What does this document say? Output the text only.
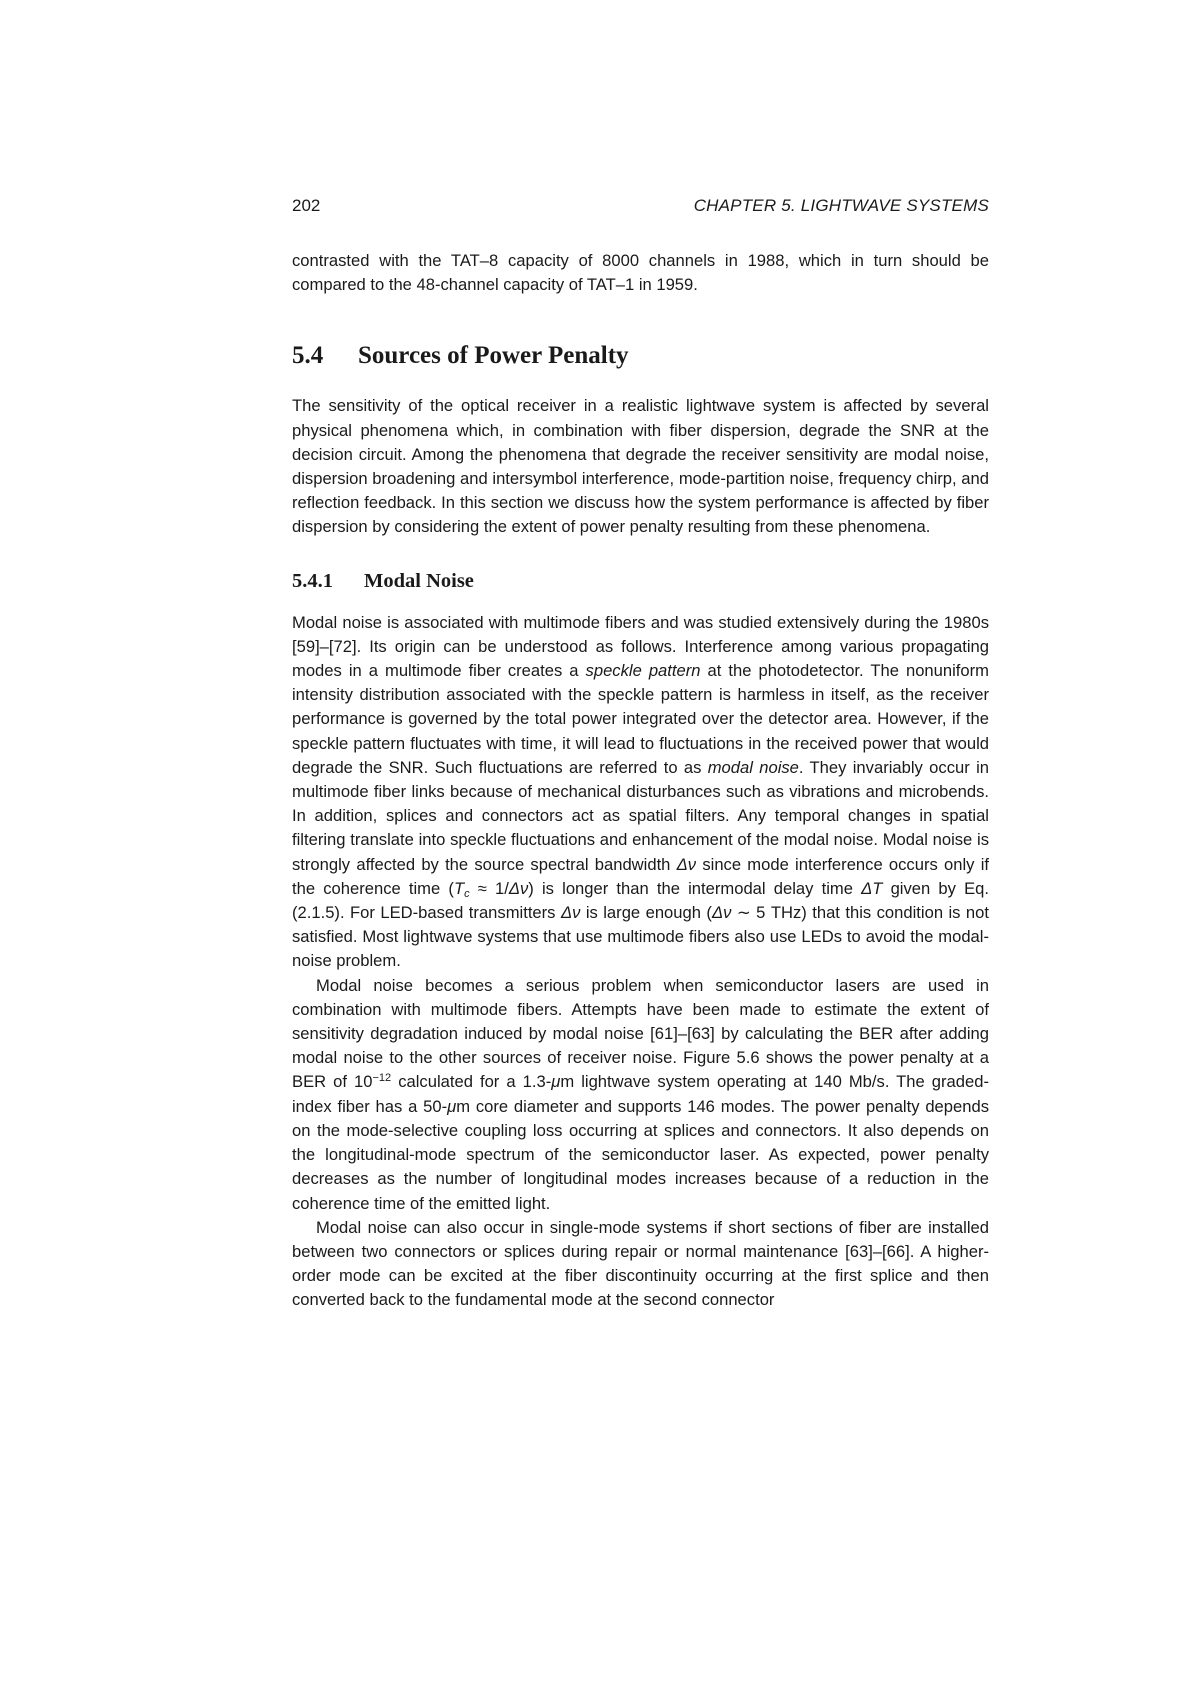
202	CHAPTER 5. LIGHTWAVE SYSTEMS

contrasted with the TAT–8 capacity of 8000 channels in 1988, which in turn should be compared to the 48-channel capacity of TAT–1 in 1959.

5.4	Sources of Power Penalty

The sensitivity of the optical receiver in a realistic lightwave system is affected by several physical phenomena which, in combination with fiber dispersion, degrade the SNR at the decision circuit. Among the phenomena that degrade the receiver sensitivity are modal noise, dispersion broadening and intersymbol interference, mode-partition noise, frequency chirp, and reflection feedback. In this section we discuss how the system performance is affected by fiber dispersion by considering the extent of power penalty resulting from these phenomena.

5.4.1	Modal Noise

Modal noise is associated with multimode fibers and was studied extensively during the 1980s [59]–[72]. Its origin can be understood as follows. Interference among various propagating modes in a multimode fiber creates a speckle pattern at the photodetector. The nonuniform intensity distribution associated with the speckle pattern is harmless in itself, as the receiver performance is governed by the total power integrated over the detector area. However, if the speckle pattern fluctuates with time, it will lead to fluctuations in the received power that would degrade the SNR. Such fluctuations are referred to as modal noise. They invariably occur in multimode fiber links because of mechanical disturbances such as vibrations and microbends. In addition, splices and connectors act as spatial filters. Any temporal changes in spatial filtering translate into speckle fluctuations and enhancement of the modal noise. Modal noise is strongly affected by the source spectral bandwidth Δν since mode interference occurs only if the coherence time $(T_c \approx 1/\Delta\nu)$ is longer than the intermodal delay time ΔT given by Eq. (2.1.5). For LED-based transmitters Δν is large enough (Δν ∼ 5 THz) that this condition is not satisfied. Most lightwave systems that use multimode fibers also use LEDs to avoid the modal-noise problem.

Modal noise becomes a serious problem when semiconductor lasers are used in combination with multimode fibers. Attempts have been made to estimate the extent of sensitivity degradation induced by modal noise [61]–[63] by calculating the BER after adding modal noise to the other sources of receiver noise. Figure 5.6 shows the power penalty at a BER of $10^{-12}$ calculated for a 1.3-μm lightwave system operating at 140 Mb/s. The graded-index fiber has a 50-μm core diameter and supports 146 modes. The power penalty depends on the mode-selective coupling loss occurring at splices and connectors. It also depends on the longitudinal-mode spectrum of the semiconductor laser. As expected, power penalty decreases as the number of longitudinal modes increases because of a reduction in the coherence time of the emitted light.

Modal noise can also occur in single-mode systems if short sections of fiber are installed between two connectors or splices during repair or normal maintenance [63]–[66]. A higher-order mode can be excited at the fiber discontinuity occurring at the first splice and then converted back to the fundamental mode at the second connector
